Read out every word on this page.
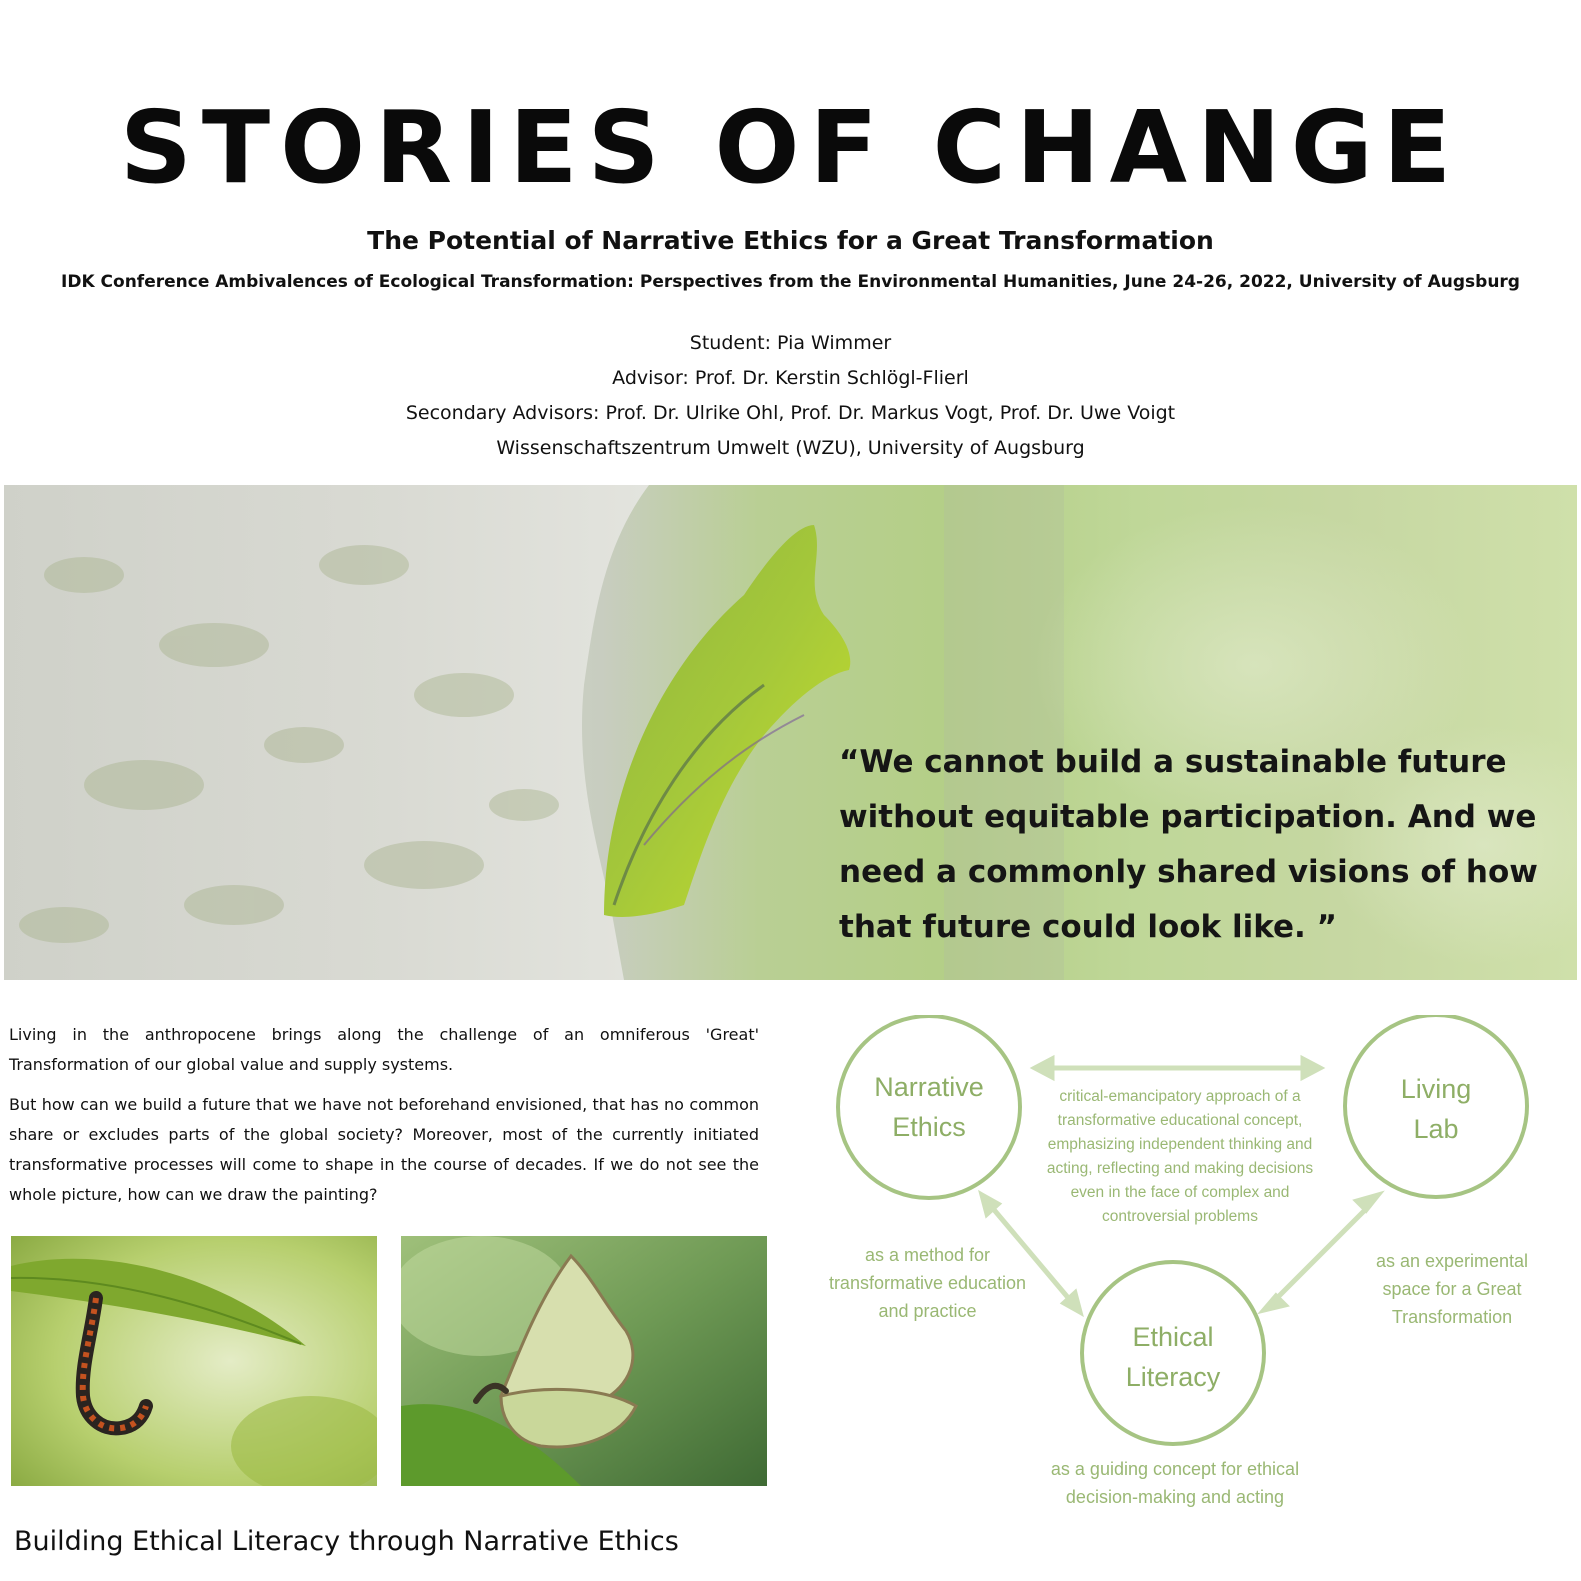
STORIES OF CHANGE
The Potential of Narrative Ethics for a Great Transformation
IDK Conference Ambivalences of Ecological Transformation: Perspectives from the Environmental Humanities, June 24-26, 2022, University of Augsburg
Student: Pia Wimmer
Advisor: Prof. Dr. Kerstin Schlögl-Flierl
Secondary Advisors: Prof. Dr. Ulrike Ohl, Prof. Dr. Markus Vogt, Prof. Dr. Uwe Voigt
Wissenschaftszentrum Umwelt (WZU), University of Augsburg
“We cannot build a sustainable future
without equitable participation. And we
need a commonly shared visions of how
that future could look like. ”

Living in the anthropocene brings along the challenge of an omniferous 'Great' Transformation of our global value and supply systems.

But how can we build a future that we have not beforehand envisioned, that has no common share or excludes parts of the global society? Moreover, most of the currently initiated transformative processes will come to shape in the course of decades. If we do not see the whole picture, how can we draw the painting?

Building Ethical Literacy through Narrative Ethics
Narrative
Ethics
Living
Lab
Ethical
Literacy
critical-emancipatory approach of a transformative educational concept, emphasizing independent thinking and acting, reflecting and making decisions even in the face of complex and controversial problems
as a method for transformative education and practice
as an experimental space for a Great Transformation
as a guiding concept for ethical decision-making and acting
